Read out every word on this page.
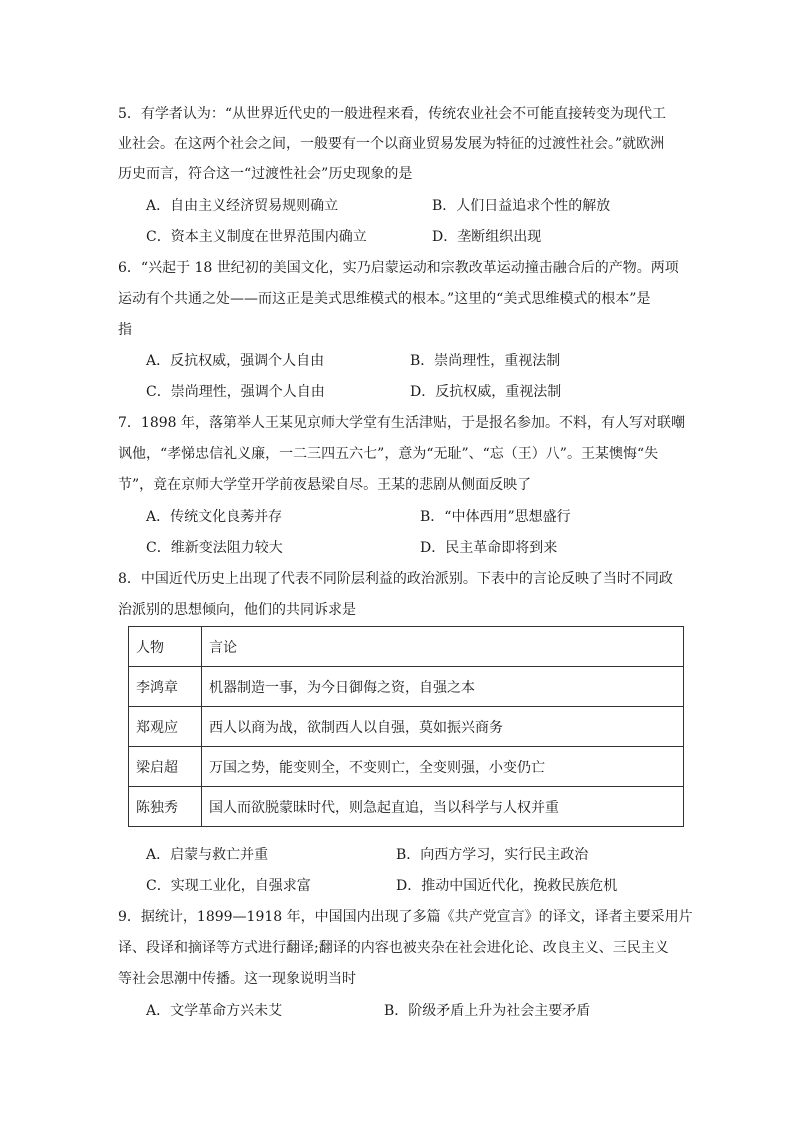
5．有学者认为：“从世界近代史的一般进程来看，传统农业社会不可能直接转变为现代工
业社会。在这两个社会之间，一般要有一个以商业贸易发展为特征的过渡性社会。”就欧洲
历史而言，符合这一“过渡性社会”历史现象的是
A．自由主义经济贸易规则确立	B．人们日益追求个性的解放
C．资本主义制度在世界范围内确立	D．垄断组织出现
6．“兴起于 18 世纪初的美国文化，实乃启蒙运动和宗教改革运动撞击融合后的产物。两项
运动有个共通之处——而这正是美式思维模式的根本。”这里的“美式思维模式的根本”是
指
A．反抗权威，强调个人自由	B．崇尚理性，重视法制
C．崇尚理性，强调个人自由	D．反抗权威，重视法制
7．1898 年，落第举人王某见京师大学堂有生活津贴，于是报名参加。不料，有人写对联嘲
讽他，“孝悌忠信礼义廉，一二三四五六七”，意为“无耻”、“忘（王）八”。王某懊悔“失
节”，竟在京师大学堂开学前夜悬梁自尽。王某的悲剧从侧面反映了
A．传统文化良莠并存	B．“中体西用”思想盛行
C．维新变法阻力较大	D．民主革命即将到来
8．中国近代历史上出现了代表不同阶层利益的政治派别。下表中的言论反映了当时不同政
治派别的思想倾向，他们的共同诉求是
人物	言论
李鸿章	机器制造一事，为今日御侮之资，自强之本
郑观应	西人以商为战，欲制西人以自强，莫如振兴商务
梁启超	万国之势，能变则全，不变则亡，全变则强，小变仍亡
陈独秀	国人而欲脱蒙昧时代，则急起直追，当以科学与人权并重
A．启蒙与救亡并重	B．向西方学习，实行民主政治
C．实现工业化，自强求富	D．推动中国近代化，挽救民族危机
9．据统计，1899—1918 年，中国国内出现了多篇《共产党宣言》的译文，译者主要采用片
译、段译和摘译等方式进行翻译;翻译的内容也被夹杂在社会进化论、改良主义、三民主义
等社会思潮中传播。这一现象说明当时
A．文学革命方兴未艾	B．阶级矛盾上升为社会主要矛盾
